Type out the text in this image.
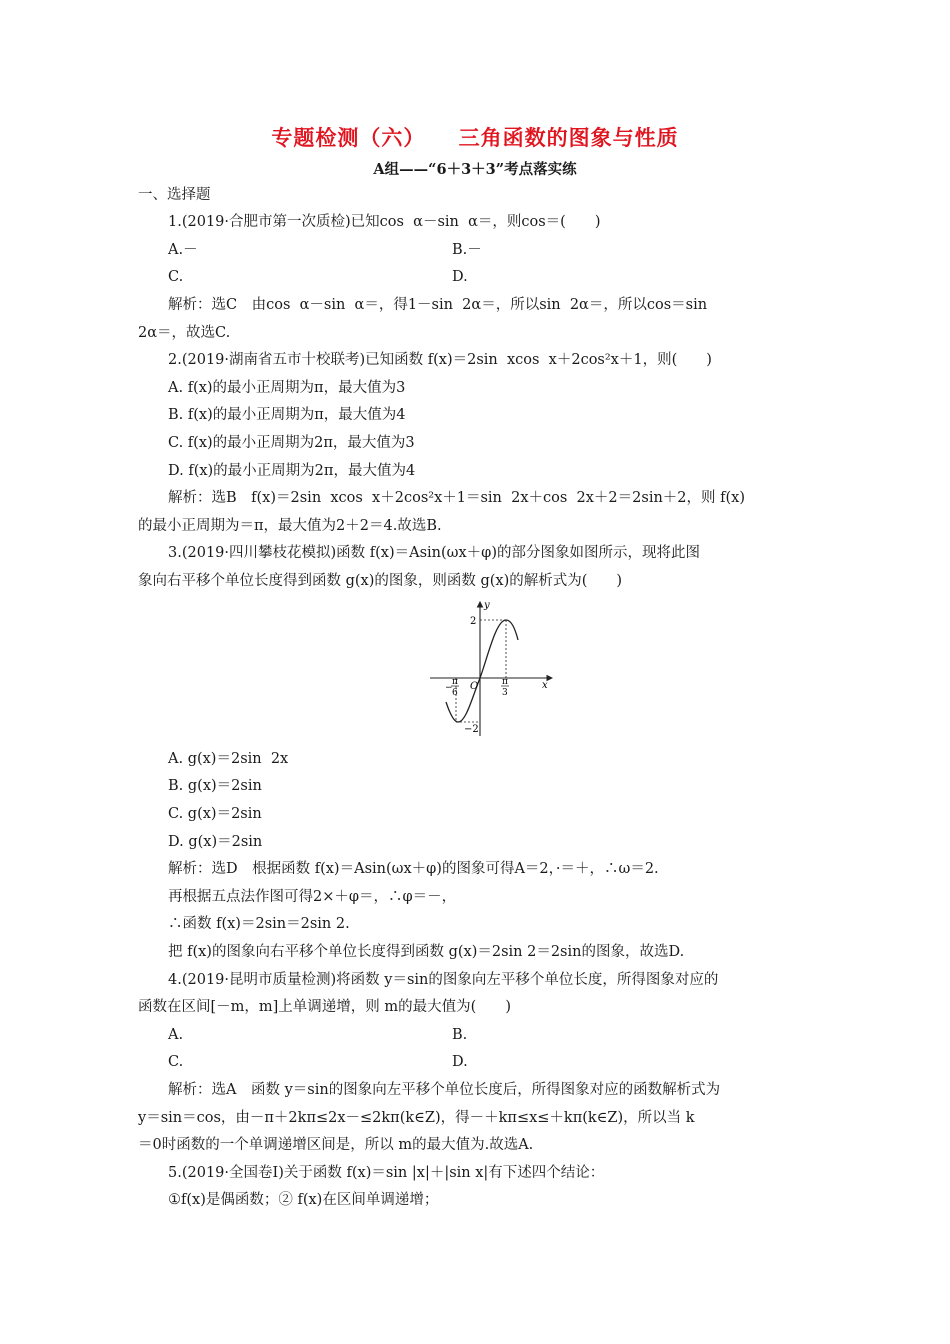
专题检测（六）    三角函数的图象与性质
A组——“6＋3＋3”考点落实练
一、选择题
1.(2019·合肥市第一次质检)已知cos  α－sin  α＝，则cos＝(　　)
A.－	B.－
C.	D.
解析：选C　由cos  α－sin  α＝，得1－sin  2α＝，所以sin  2α＝，所以cos＝sin
2α＝，故选C.
2.(2019·湖南省五市十校联考)已知函数 f(x)＝2sin  xcos  x＋2cos²x＋1，则(　　)
A. f(x)的最小正周期为π，最大值为3
B. f(x)的最小正周期为π，最大值为4
C. f(x)的最小正周期为2π，最大值为3
D. f(x)的最小正周期为2π，最大值为4
解析：选B　f(x)＝2sin  xcos  x＋2cos²x＋1＝sin  2x＋cos  2x＋2＝2sin＋2，则 f(x)
的最小正周期为＝π，最大值为2＋2＝4.故选B.
3.(2019·四川攀枝花模拟)函数 f(x)＝Asin(ωx＋φ)的部分图象如图所示，现将此图
象向右平移个单位长度得到函数 g(x)的图象，则函数 g(x)的解析式为(　　)
y
x
2
−2
O
−
π
6
π
3
A. g(x)＝2sin  2x
B. g(x)＝2sin
C. g(x)＝2sin
D. g(x)＝2sin
解析：选D　根据函数 f(x)＝Asin(ωx＋φ)的图象可得A＝2，·＝＋，∴ω＝2.
再根据五点法作图可得2×＋φ＝，∴φ＝－，
∴函数 f(x)＝2sin＝2sin 2.
把 f(x)的图象向右平移个单位长度得到函数 g(x)＝2sin 2＝2sin的图象，故选D.
4.(2019·昆明市质量检测)将函数 y＝sin的图象向左平移个单位长度，所得图象对应的
函数在区间[－m，m]上单调递增，则 m的最大值为(　　)
A.	B.
C.	D.
解析：选A　函数 y＝sin的图象向左平移个单位长度后，所得图象对应的函数解析式为
y＝sin＝cos，由－π＋2kπ≤2x－≤2kπ(k∈Z)，得－＋kπ≤x≤＋kπ(k∈Z)，所以当 k
＝0时函数的一个单调递增区间是，所以 m的最大值为.故选A.
5.(2019·全国卷Ⅰ)关于函数 f(x)＝sin |x|＋|sin x|有下述四个结论：
①f(x)是偶函数；② f(x)在区间单调递增；
